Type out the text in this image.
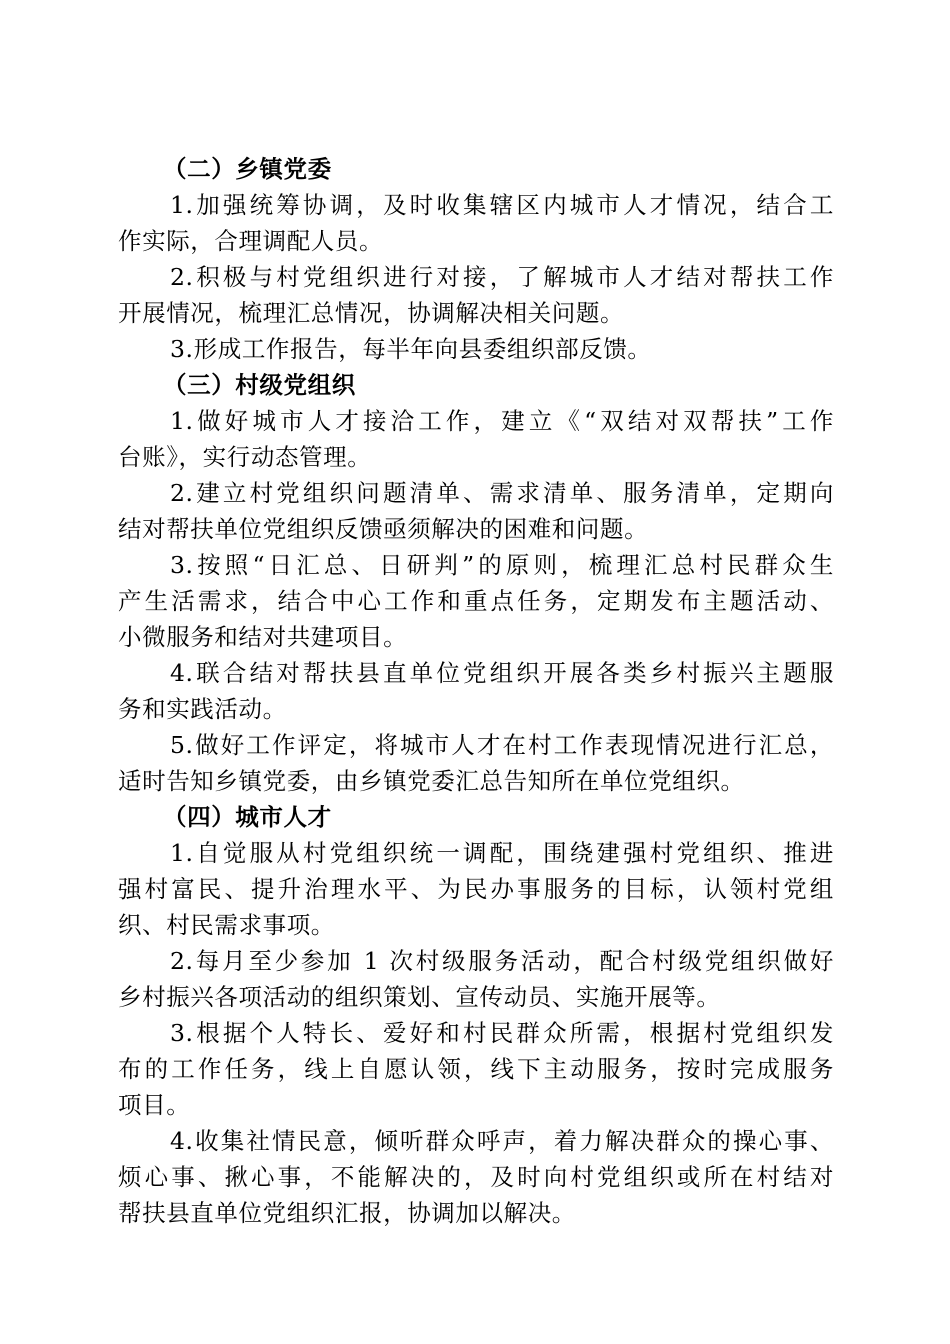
（二）乡镇党委
1.加强统筹协调，及时收集辖区内城市人才情况，结合工
作实际，合理调配人员。
2.积极与村党组织进行对接，了解城市人才结对帮扶工作
开展情况，梳理汇总情况，协调解决相关问题。
3.形成工作报告，每半年向县委组织部反馈。
（三）村级党组织
1.做好城市人才接洽工作，建立《“双结对双帮扶”工作
台账》，实行动态管理。
2.建立村党组织问题清单、需求清单、服务清单，定期向
结对帮扶单位党组织反馈亟须解决的困难和问题。
3.按照“日汇总、日研判”的原则，梳理汇总村民群众生
产生活需求，结合中心工作和重点任务，定期发布主题活动、
小微服务和结对共建项目。
4.联合结对帮扶县直单位党组织开展各类乡村振兴主题服
务和实践活动。
5.做好工作评定，将城市人才在村工作表现情况进行汇总，
适时告知乡镇党委，由乡镇党委汇总告知所在单位党组织。
（四）城市人才
1.自觉服从村党组织统一调配，围绕建强村党组织、推进
强村富民、提升治理水平、为民办事服务的目标，认领村党组
织、村民需求事项。
2.每月至少参加 1 次村级服务活动，配合村级党组织做好
乡村振兴各项活动的组织策划、宣传动员、实施开展等。
3.根据个人特长、爱好和村民群众所需，根据村党组织发
布的工作任务，线上自愿认领，线下主动服务，按时完成服务
项目。
4.收集社情民意，倾听群众呼声，着力解决群众的操心事、
烦心事、揪心事，不能解决的，及时向村党组织或所在村结对
帮扶县直单位党组织汇报，协调加以解决。
